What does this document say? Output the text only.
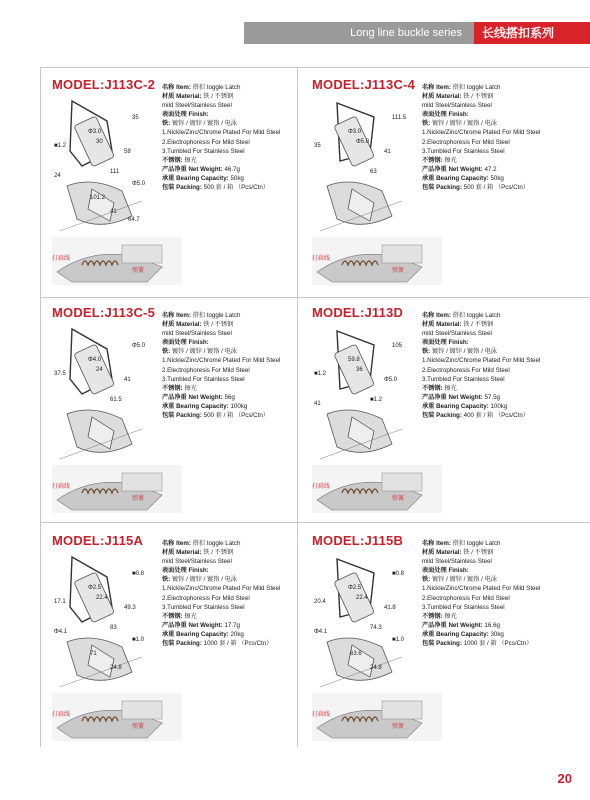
Long line buckle series	长线搭扣系列
MODEL:J113C-2 名称 Item: 搭扣 toggle Latch
材质 Material: 铁 / 不锈钢
mild Steel/Stainless Steel
表面处理 Finish:
铁: 镀锌 / 镀锌 / 镀铬 / 电泳
1.Nickle/Zinc/Chrome Plated For Mild Steel
2.Electrophoresis For Mild Steel
3.Tumbled For Stainless Steel
不锈钢: 擦光
产品净重 Net Weight: 46.7g
承重 Bearing Capacity: 50kg
包装 Packing: 500 套 / 箱 （Pcs/Ctn）
打扁线
弹簧
Φ3.0
■1.2
35
30
58
111
24
Φ5.0
101.2
41
64.7
MODEL:J113C-4 名称 Item: 搭扣 toggle Latch
材质 Material: 铁 / 不锈钢
mild Steel/Stainless Steel
表面处理 Finish:
铁: 镀锌 / 镀锌 / 镀铬 / 电泳
1.Nickle/Zinc/Chrome Plated For Mild Steel
2.Electrophoresis For Mild Steel
3.Tumbled For Stainless Steel
不锈钢: 擦光
产品净重 Net Weight: 47.2
承重 Bearing Capacity: 50kg
包装 Packing: 500 套 / 箱 （Pcs/Ctn）
打扁线
弹簧
Φ3.0
35
111.5
Φ5.0
41
63
MODEL:J113C-5 名称 Item: 搭扣 toggle Latch
材质 Material: 铁 / 不锈钢
mild Steel/Stainless Steel
表面处理 Finish:
铁: 镀锌 / 镀锌 / 镀铬 / 电泳
1.Nickle/Zinc/Chrome Plated For Mild Steel
2.Electrophoresis For Mild Steel
3.Tumbled For Stainless Steel
不锈钢: 擦光
产品净重 Net Weight: 56g
承重 Bearing Capacity: 100kg
包装 Packing: 500 套 / 箱 （Pcs/Ctn）
打扁线
弹簧
Φ4.0
37.5
Φ5.0
24
41
61.5
MODEL:J113D	名称 Item: 搭扣 toggle Latch
材质 Material: 铁 / 不锈钢
mild Steel/Stainless Steel
表面处理 Finish:
铁: 镀锌 / 镀锌 / 镀铬 / 电泳
1.Nickle/Zinc/Chrome Plated For Mild Steel
2.Electrophoresis For Mild Steel
3.Tumbled For Stainless Steel
不锈钢: 擦光
产品净重 Net Weight: 57.5g
承重 Bearing Capacity: 100kg
包装 Packing: 400 套 / 箱 （Pcs/Ctn）
打扁线
弹簧
59.8
■1.2
105
36
Φ5.0
■1.2
41
MODEL:J115A	名称 Item: 搭扣 toggle Latch
材质 Material: 铁 / 不锈钢
mild Steel/Stainless Steel
表面处理 Finish:
铁: 镀锌 / 镀锌 / 镀铬 / 电泳
1.Nickle/Zinc/Chrome Plated For Mild Steel
2.Electrophoresis For Mild Steel
3.Tumbled For Stainless Steel
不锈钢: 擦光
产品净重 Net Weight: 17.7g
承重 Bearing Capacity: 20kg
包装 Packing: 1000 套 / 箱 （Pcs/Ctn）
打扁线
弹簧
Φ2.5
17.1
■0.8
22.4
49.3
83
Φ4.1
■1.0
71
24.8
MODEL:J115B	名称 Item: 搭扣 toggle Latch
材质 Material: 铁 / 不锈钢
mild Steel/Stainless Steel
表面处理 Finish:
铁: 镀锌 / 镀锌 / 镀铬 / 电泳
1.Nickle/Zinc/Chrome Plated For Mild Steel
2.Electrophoresis For Mild Steel
3.Tumbled For Stainless Steel
不锈钢: 擦光
产品净重 Net Weight: 16.6g
承重 Bearing Capacity: 30kg
包装 Packing: 1000 套 / 箱 （Pcs/Ctn）
打扁线
弹簧
Φ2.5
20.4
■0.8
22.4
41.8
74.3
Φ4.1
■1.0
63.6
24.8
20
